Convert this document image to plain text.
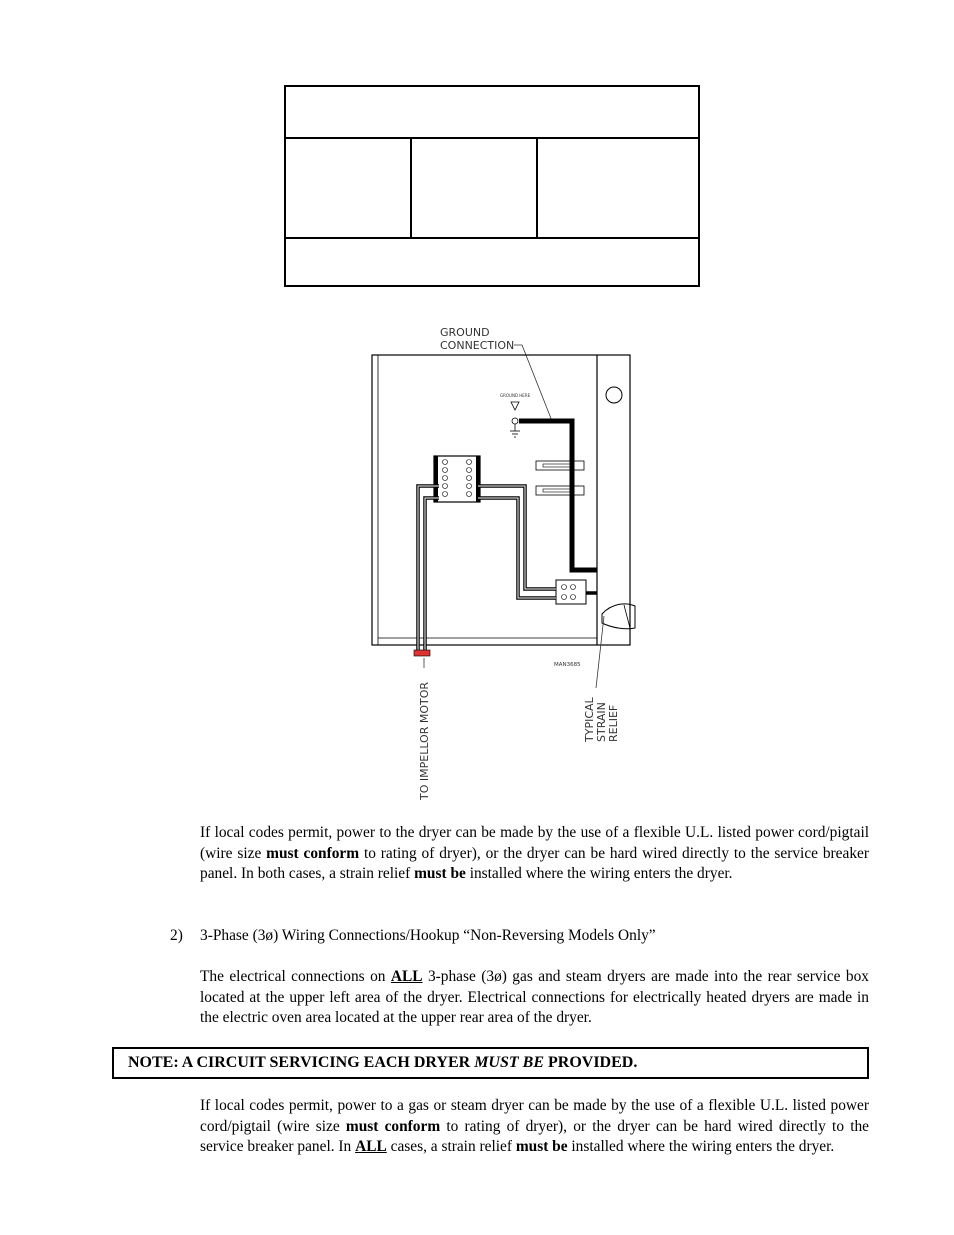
GROUND
CONNECTION
GROUND HERE
MAN3685
TO IMPELLOR MOTOR	TYPICAL STRAIN RELIEF
If local codes permit, power to the dryer can be made by the use of a flexible U.L. listed power cord/pigtail (wire size must conform to rating of dryer), or the dryer can be hard wired directly to the service breaker panel. In both cases, a strain relief must be installed where the wiring enters the dryer.
2) 3-Phase (3ø) Wiring Connections/Hookup “Non-Reversing Models Only”
The electrical connections on ALL 3-phase (3ø) gas and steam dryers are made into the rear service box located at the upper left area of the dryer. Electrical connections for electrically heated dryers are made in the electric oven area located at the upper rear area of the dryer.
NOTE: A CIRCUIT SERVICING EACH DRYER MUST BE PROVIDED.
If local codes permit, power to a gas or steam dryer can be made by the use of a flexible U.L. listed power cord/pigtail (wire size must conform to rating of dryer), or the dryer can be hard wired directly to the service breaker panel. In ALL cases, a strain relief must be installed where the wiring enters the dryer.
